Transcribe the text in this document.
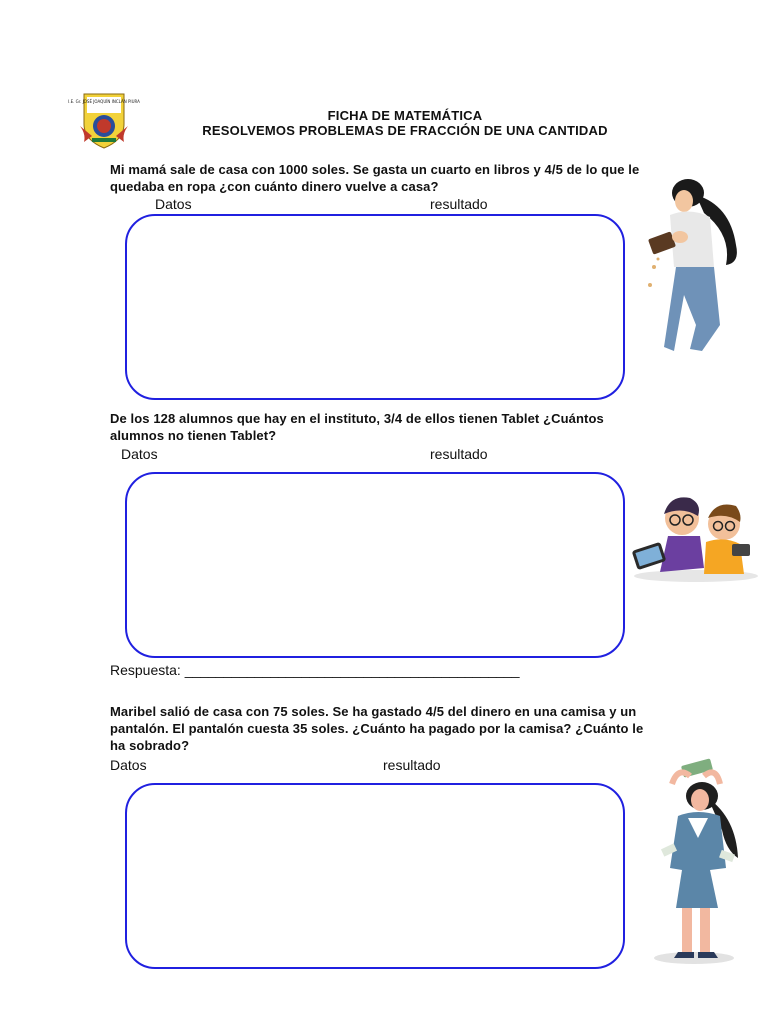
I.E. Gr. JOSÉ JOAQUÍN INCLÁN PIURA
FICHA DE MATEMÁTICA
RESOLVEMOS PROBLEMAS DE FRACCIÓN DE UNA CANTIDAD
Mi mamá sale de casa con 1000 soles. Se gasta un cuarto en libros y 4/5 de lo que le quedaba en ropa ¿con cuánto dinero vuelve a casa?
Datos	resultado
De los 128 alumnos que hay en el instituto, 3/4 de ellos tienen Tablet ¿Cuántos alumnos no tienen Tablet?
Datos	resultado
Respuesta: ___________________________________________
Maribel salió de casa con 75 soles. Se ha gastado 4/5 del dinero en una camisa y un pantalón. El pantalón cuesta 35 soles. ¿Cuánto ha pagado por la camisa? ¿Cuánto le ha sobrado?
Datos	resultado
